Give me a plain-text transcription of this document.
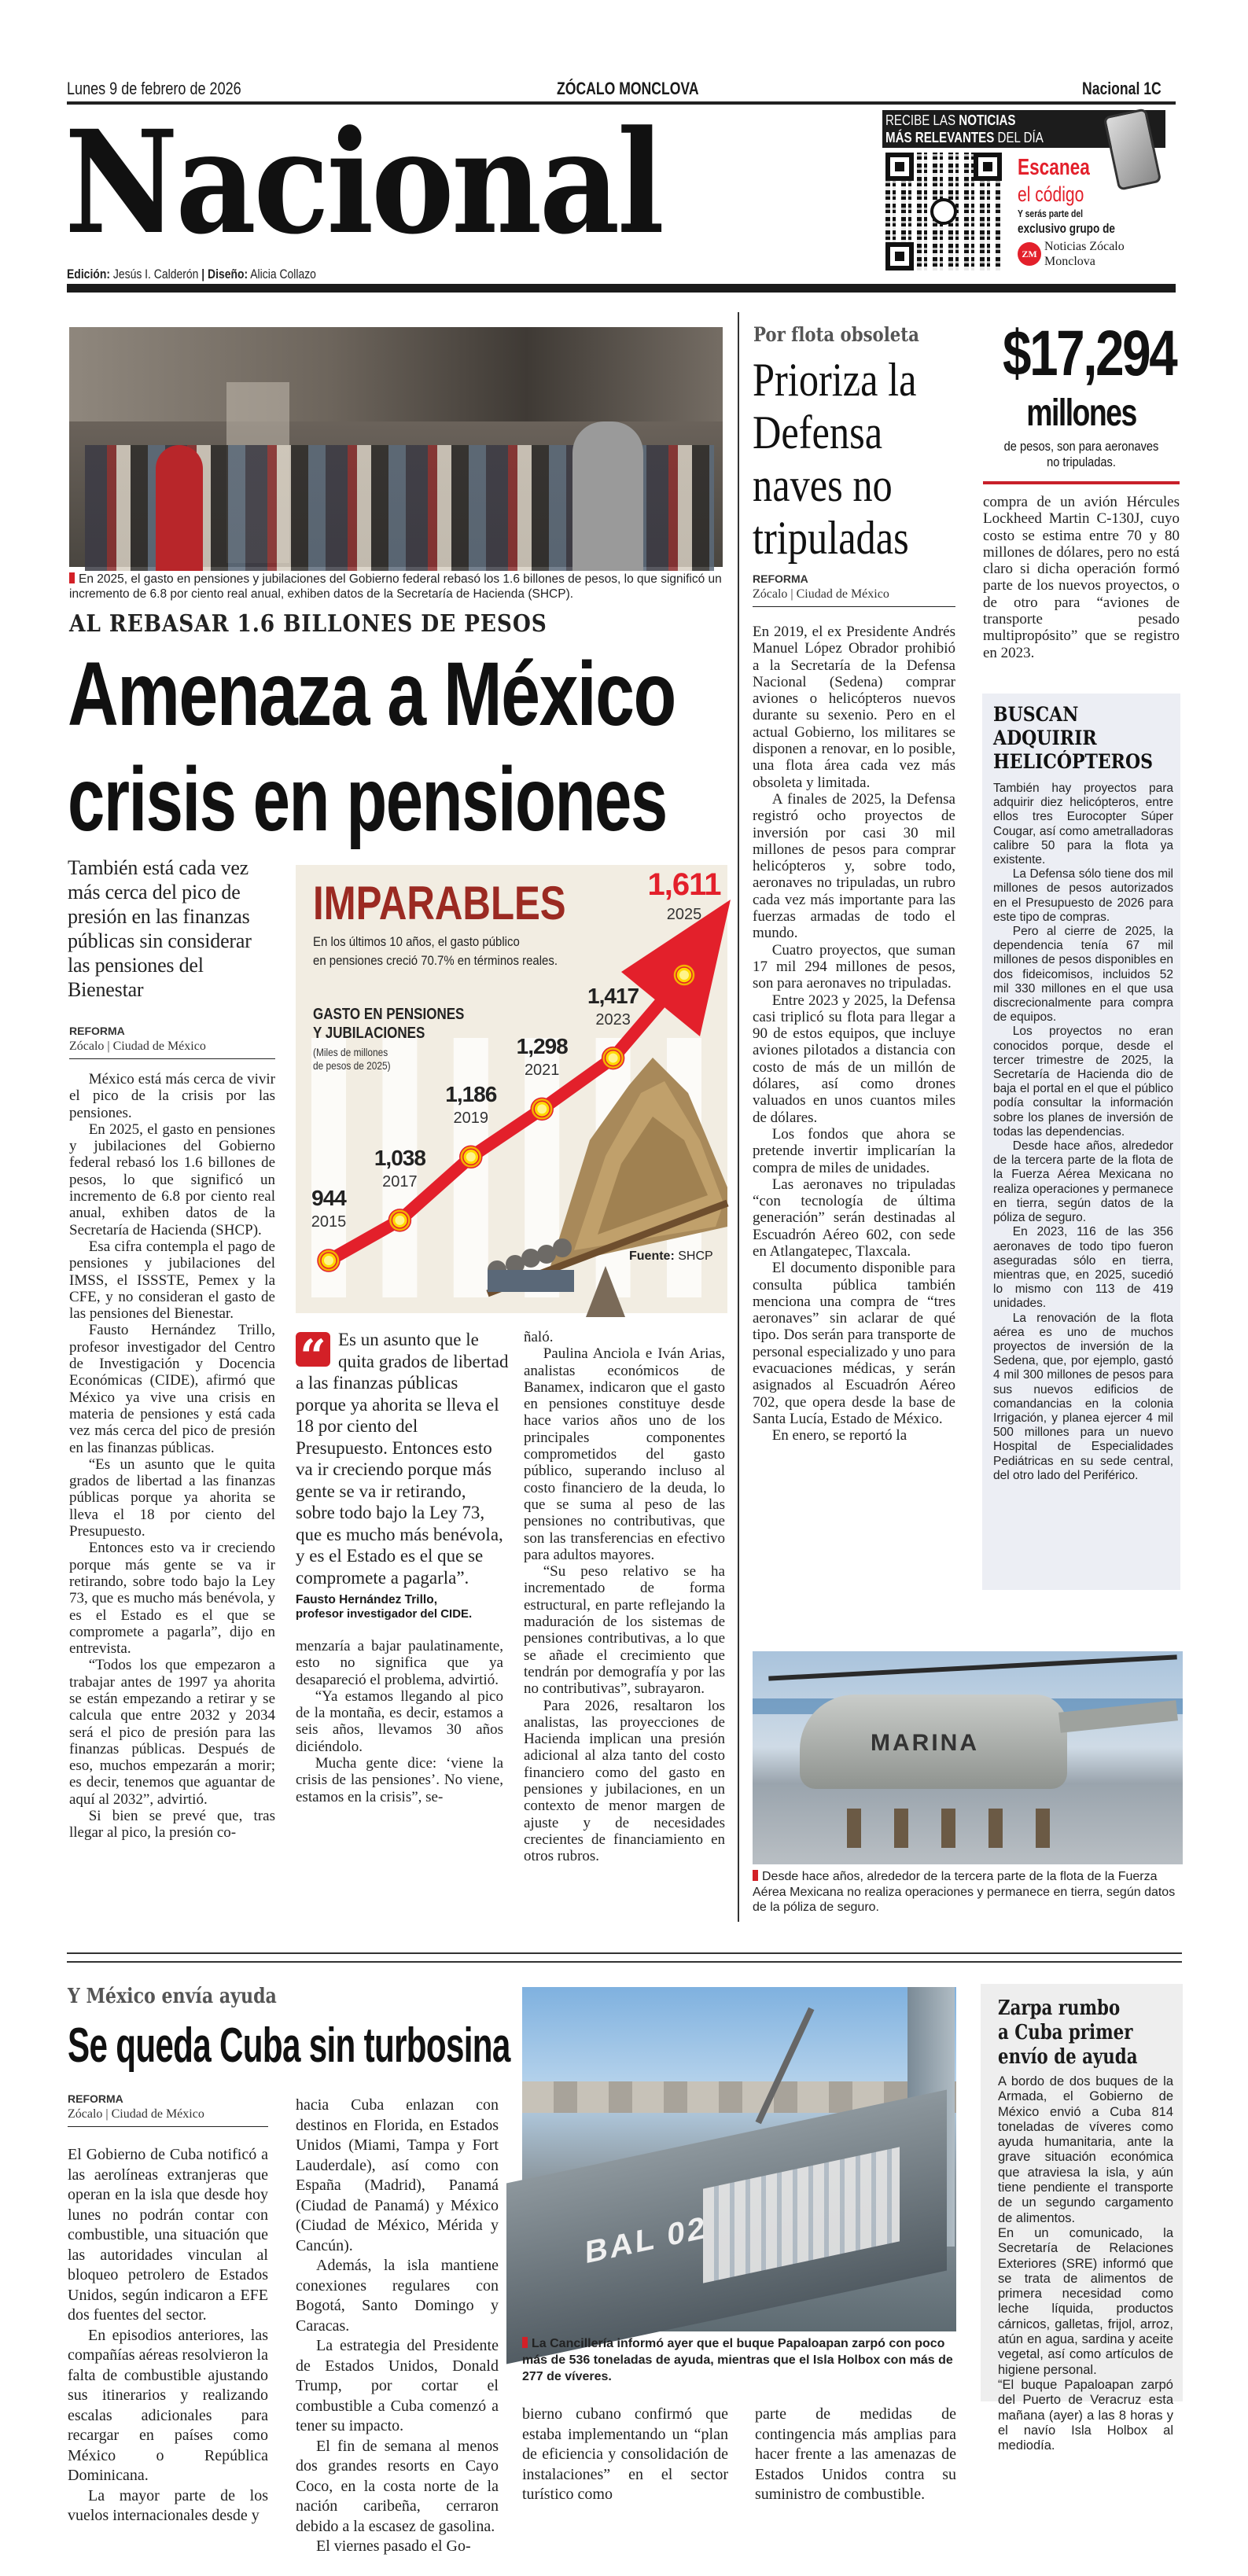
Lunes 9 de febrero de 2026	ZÓCALO MONCLOVA	Nacional 1C
Nacional
Edición: Jesús I. Calderón | Diseño: Alicia Collazo
RECIBE LAS NOTICIAS
MÁS RELEVANTES DEL DÍA
Escanea
el código
Y serás parte del
exclusivo grupo de
ZM
Noticias Zócalo
Monclova
En 2025, el gasto en pensiones y jubilaciones del Gobierno federal rebasó los 1.6 billones de pesos, lo que significó un incremento de 6.8 por ciento real anual, exhiben datos de la Secretaría de Hacienda (SHCP).
AL REBASAR 1.6 BILLONES DE PESOS
Amenaza a México
crisis en pensiones
También está cada vez más cerca del pico de presión en las finanzas públicas sin considerar las pensiones del Bienestar
REFORMA
Zócalo | Ciudad de México

México está más cerca de vivir el pico de la crisis por las pensiones.

En 2025, el gasto en pensiones y jubilaciones del Gobierno federal rebasó los 1.6 billones de pesos, lo que significó un incremento de 6.8 por ciento real anual, exhiben datos de la Secretaría de Hacienda (SHCP).

Esa cifra contempla el pago de pensiones y jubilaciones del IMSS, el ISSSTE, Pemex y la CFE, y no consideran el gasto de las pensiones del Bienestar.

Fausto Hernández Trillo, profesor investigador del Centro de Investigación y Docencia Económicas (CIDE), afirmó que México ya vive una crisis en materia de pensiones y está cada vez más cerca del pico de presión en las finanzas públicas.

“Es un asunto que le quita grados de libertad a las finanzas públicas porque ya ahorita se lleva el 18 por ciento del Presupuesto.

Entonces esto va ir creciendo porque más gente se va ir retirando, sobre todo bajo la Ley 73, que es mucho más benévola, y es el Estado es el que se compromete a pagarla”, dijo en entrevista.

“Todos los que empezaron a trabajar antes de 1997 ya ahorita se están empezando a retirar y se calcula que entre 2032 y 2034 será el pico de presión para las finanzas públicas. Después de eso, muchos empezarán a morir; es decir, tenemos que aguantar de aquí al 2032”, advirtió.

Si bien se prevé que, tras llegar al pico, la presión co-

IMPARABLES
En los últimos 10 años, el gasto público
en pensiones creció 70.7% en términos reales.
GASTO EN PENSIONES
Y JUBILACIONES
(Miles de millones
de pesos de 2025)
944
2015
1,038
2017
1,186
2019
1,298
2021
1,417
2023
1,611
2025
Fuente: SHCP
“ Es un asunto que le quita grados de libertad a las finanzas públicas porque ya ahorita se lleva el 18 por ciento del Presupuesto. Entonces esto va ir creciendo porque más gente se va ir retirando, sobre todo bajo la Ley 73, que es mucho más benévola, y es el Estado es el que se compromete a pagarla”.
Fausto Hernández Trillo,
profesor investigador del CIDE.

menzaría a bajar paulatinamente, esto no significa que ya desapareció el problema, advirtió.

“Ya estamos llegando al pico de la montaña, es decir, estamos a seis años, llevamos 30 años diciéndolo.

Mucha gente dice: ‘viene la crisis de las pensiones’. No viene, estamos en la crisis”, se-

ñaló.

Paulina Anciola e Iván Arias, analistas económicos de Banamex, indicaron que el gasto en pensiones constituye desde hace varios años uno de los principales componentes comprometidos del gasto público, superando incluso al costo financiero de la deuda, lo que se suma al peso de las pensiones no contributivas, que son las transferencias en efectivo para adultos mayores.

“Su peso relativo se ha incrementado de forma estructural, en parte reflejando la maduración de los sistemas de pensiones contributivas, a lo que se añade el crecimiento que tendrán por demografía y por las no contributivas”, subrayaron.

Para 2026, resaltaron los analistas, las proyecciones de Hacienda implican una presión adicional al alza tanto del costo financiero como del gasto en pensiones y jubilaciones, en un contexto de menor margen de ajuste y de necesidades crecientes de financiamiento en otros rubros.

Por flota obsoleta
Prioriza la
Defensa
naves no
tripuladas
REFORMA
Zócalo | Ciudad de México

En 2019, el ex Presidente Andrés Manuel López Obrador prohibió a la Secretaría de la Defensa Nacional (Sedena) comprar aviones o helicópteros nuevos durante su sexenio. Pero en el actual Gobierno, los militares se disponen a renovar, en lo posible, una flota área cada vez más obsoleta y limitada.

A finales de 2025, la Defensa registró ocho proyectos de inversión por casi 30 mil millones de pesos para comprar helicópteros y, sobre todo, aeronaves no tripuladas, un rubro cada vez más importante para las fuerzas armadas de todo el mundo.

Cuatro proyectos, que suman 17 mil 294 millones de pesos, son para aeronaves no tripuladas.

Entre 2023 y 2025, la Defensa casi triplicó su flota para llegar a 90 de estos equipos, que incluye aviones pilotados a distancia con costo de más de un millón de dólares, así como drones valuados en unos cuantos miles de dólares.

Los fondos que ahora se pretende invertir implicarían la compra de miles de unidades.

Las aeronaves no tripuladas “con tecnología de última generación” serán destinadas al Escuadrón Aéreo 602, con sede en Atlangatepec, Tlaxcala.

El documento disponible para consulta pública también menciona una compra de “tres aeronaves” sin aclarar de qué tipo. Dos serán para transporte de personal especializado y uno para evacuaciones médicas, y serán asignados al Escuadrón Aéreo 702, que opera desde la base de Santa Lucía, Estado de México.

En enero, se reportó la

$17,294
millones
de pesos, son para aeronaves no tripuladas.

compra de un avión Hércules Lockheed Martin C-130J, cuyo costo se estima entre 70 y 80 millones de dólares, pero no está claro si dicha operación formó parte de los nuevos proyectos, o de otro para “aviones de transporte pesado multipropósito” que se registro en 2023.

BUSCAN
ADQUIRIR
HELICÓPTEROS

También hay proyectos para adquirir diez helicópteros, entre ellos tres Eurocopter Súper Cougar, así como ametralladoras calibre 50 para la flota ya existente.

La Defensa sólo tiene dos mil millones de pesos autorizados en el Presupuesto de 2026 para este tipo de compras.

Pero al cierre de 2025, la dependencia tenía 67 mil millones de pesos disponibles en dos fideicomisos, incluidos 52 mil 330 millones en el que usa discrecionalmente para compra de equipos.

Los proyectos no eran conocidos porque, desde el tercer trimestre de 2025, la Secretaría de Hacienda dio de baja el portal en el que el público podía consultar la información sobre los planes de inversión de todas las dependencias.

Desde hace años, alrededor de la tercera parte de la flota de la Fuerza Aérea Mexicana no realiza operaciones y permanece en tierra, según datos de la póliza de seguro.

En 2023, 116 de las 356 aeronaves de todo tipo fueron aseguradas sólo en tierra, mientras que, en 2025, sucedió lo mismo con 113 de 419 unidades.

La renovación de la flota aérea es uno de muchos proyectos de inversión de la Sedena, que, por ejemplo, gastó 4 mil 300 millones de pesos para sus nuevos edificios de comandancias en la colonia Irrigación, y planea ejercer 4 mil 500 millones para un nuevo Hospital de Especialidades Pediátricas en su sede central, del otro lado del Periférico.

MARINA
Desde hace años, alrededor de la tercera parte de la flota de la Fuerza Aérea Mexicana no realiza operaciones y permanece en tierra, según datos de la póliza de seguro.
Y México envía ayuda
Se queda Cuba sin turbosina
REFORMA
Zócalo | Ciudad de México

El Gobierno de Cuba notificó a las aerolíneas extranjeras que operan en la isla que desde hoy lunes no podrán contar con combustible, una situación que las autoridades vinculan al bloqueo petrolero de Estados Unidos, según indicaron a EFE dos fuentes del sector.

En episodios anteriores, las compañías aéreas resolvieron la falta de combustible ajustando sus itinerarios y realizando escalas adicionales para recargar en países como México o República Dominicana.

La mayor parte de los vuelos internacionales desde y

hacia Cuba enlazan con destinos en Florida, en Estados Unidos (Miami, Tampa y Fort Lauderdale), así como con España (Madrid), Panamá (Ciudad de Panamá) y México (Ciudad de México, Mérida y Cancún).

Además, la isla mantiene conexiones regulares con Bogotá, Santo Domingo y Caracas.

La estrategia del Presidente de Estados Unidos, Donald Trump, por cortar el combustible a Cuba comenzó a tener su impacto.

El fin de semana al menos dos grandes resorts en Cayo Coco, en la costa norte de la nación caribeña, cerraron debido a la escasez de gasolina.

El viernes pasado el Go-

BAL 02
La Cancillería informó ayer que el buque Papaloapan zarpó con poco más de 536 toneladas de ayuda, mientras que el Isla Holbox con más de 277 de víveres.

bierno cubano confirmó que estaba implementando un “plan de eficiencia y consolidación de instalaciones” en el sector turístico como

parte de medidas de contingencia más amplias para hacer frente a las amenazas de Estados Unidos contra su suministro de combustible.

Zarpa rumbo
a Cuba primer
envío de ayuda

A bordo de dos buques de la Armada, el Gobierno de México envió a Cuba 814 toneladas de víveres como ayuda humanitaria, ante la grave situación económica que atraviesa la isla, y aún tiene pendiente el transporte de un segundo cargamento de alimentos.

En un comunicado, la Secretaría de Relaciones Exteriores (SRE) informó que se trata de alimentos de primera necesidad como leche líquida, productos cárnicos, galletas, frijol, arroz, atún en agua, sardina y aceite vegetal, así como artículos de higiene personal.

“El buque Papaloapan zarpó del Puerto de Veracruz esta mañana (ayer) a las 8 horas y el navío Isla Holbox al mediodía.
